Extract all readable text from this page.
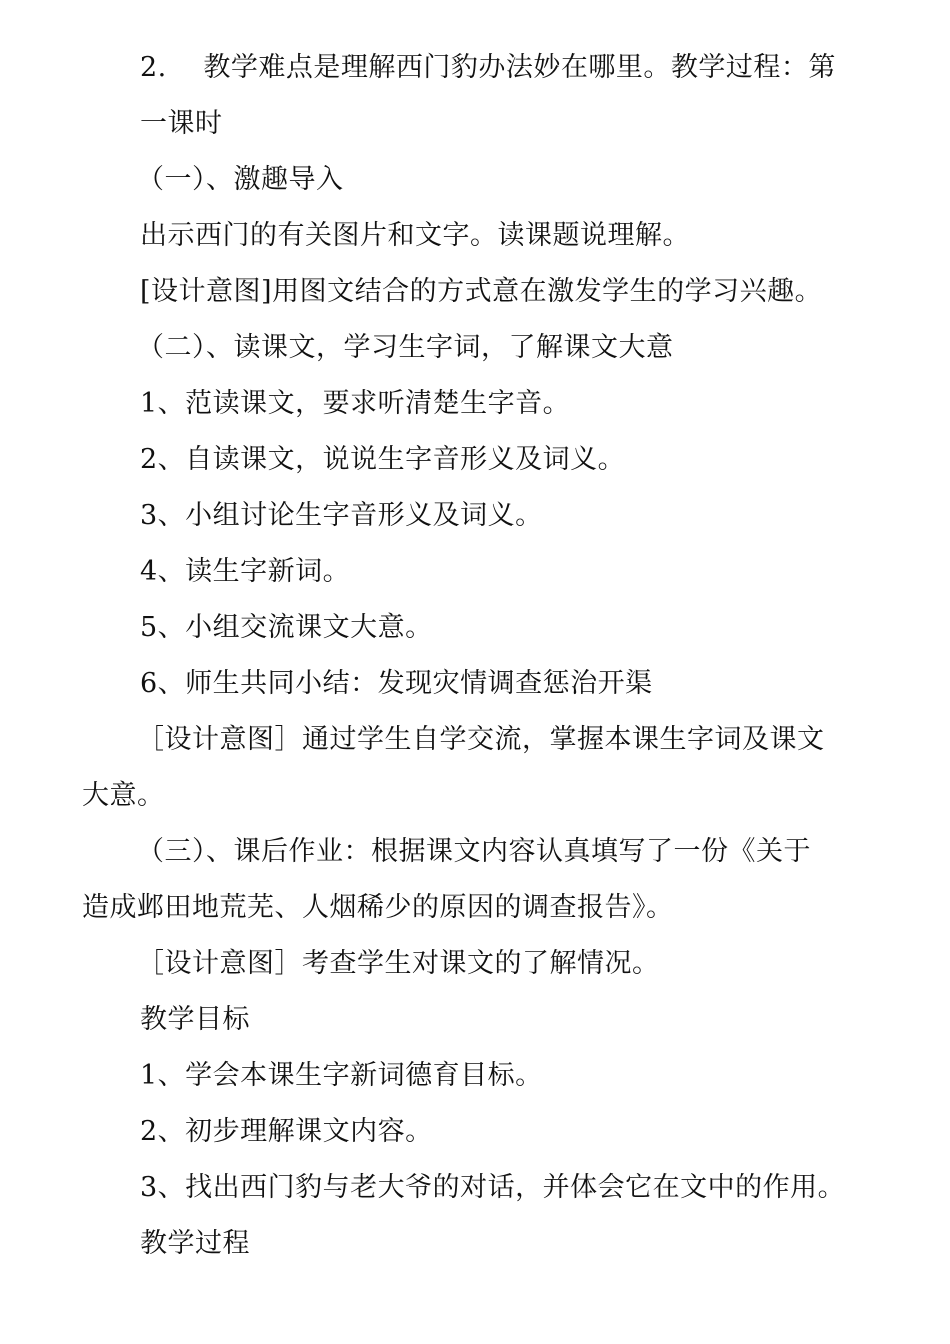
2.　 教学难点是理解西门豹办法妙在哪里。教学过程：第
一课时
（一）、激趣导入
出示西门的有关图片和文字。读课题说理解。
[设计意图]用图文结合的方式意在激发学生的学习兴趣。
（二）、读课文，学习生字词，了解课文大意
1、范读课文，要求听清楚生字音。
2、自读课文，说说生字音形义及词义。
3、小组讨论生字音形义及词义。
4、读生字新词。
5、小组交流课文大意。
6、师生共同小结：发现灾情调查惩治开渠
［设计意图］通过学生自学交流，掌握本课生字词及课文
大意。
（三）、课后作业：根据课文内容认真填写了一份《关于
造成邺田地荒芜、人烟稀少的原因的调查报告》。
［设计意图］考查学生对课文的了解情况。
教学目标
1、学会本课生字新词德育目标。
2、初步理解课文内容。
3、找出西门豹与老大爷的对话，并体会它在文中的作用。
教学过程
